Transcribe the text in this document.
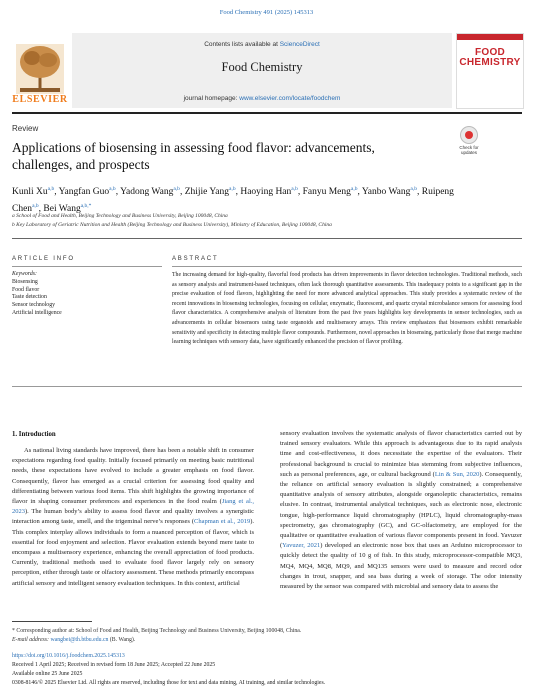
Food Chemistry 491 (2025) 145313
ELSEVIER
Contents lists available at ScienceDirect
Food Chemistry
journal homepage: www.elsevier.com/locate/foodchem
FOOD
CHEMISTRY
Review
Applications of biosensing in assessing food flavor: advancements,
challenges, and prospects
Check for updates
Kunli Xu$^{a,b}$, Yangfan Guo$^{a,b}$, Yadong Wang$^{a,b}$, Zhijie Yang$^{a,b}$, Haoying Han$^{a,b}$, Fanyu Meng$^{a,b}$, Yanbo Wang$^{a,b}$, Ruipeng Chen$^{a,b}$, Bei Wang$^{a,b,*}$
a School of Food and Health, Beijing Technology and Business University, Beijing 100048, China
b Key Laboratory of Geriatric Nutrition and Health (Beijing Technology and Business University), Ministry of Education, Beijing 100048, China
ARTICLE INFO	ABSTRACT
Keywords:
Biosensing
Food flavor
Taste detection
Sensor technology
Artificial intelligence
The increasing demand for high-quality, flavorful food products has driven improvements in flavor detection technologies. Traditional methods, such as sensory analysis and instrument-based techniques, often lack thorough quantitative assessments. This inadequacy points to a significant gap in the precise evaluation of food flavors, highlighting the need for more advanced analytical approaches. This study provides a systematic review of the recent innovations in biosensing technologies, focusing on cellular, enzymatic, fluorescent, and quartz crystal microbalance sensors for assessing food flavor characteristics. A comprehensive analysis of literature from the past five years highlights key developments in sensor technologies, such as advancements in cellular biosensors using taste organoids and multisensory arrays. This review emphasizes that biosensors exhibit remarkable sensitivity and specificity in detecting multiple flavor compounds. Furthermore, novel approaches in biosensing, particularly those that merge machine learning techniques with sensory data, have significantly enhanced the precision of flavor profiling.
1. Introduction

As national living standards have improved, there has been a notable shift in consumer expectations regarding food quality. Initially focused primarily on meeting basic nutritional needs, these expectations have evolved to include a greater emphasis on food flavor. Consequently, flavor has emerged as a crucial criterion for assessing food quality and differentiating between various food items. This shift highlights the growing importance of flavor in shaping consumer preferences and experiences in the food realm (Jiang et al., 2023). The human body’s ability to assess food flavor and quality involves a synergistic interaction among taste, smell, and the trigeminal nerve’s responses (Chapman et al., 2019). This complex interplay allows individuals to form a nuanced perception of flavor, which is essential for food enjoyment and selection. Flavor evaluation extends beyond mere taste to encompass a multisensory experience, enhancing the overall appreciation of food products. Currently, traditional methods used to evaluate food flavor largely rely on sensory perception, either through taste or olfactory assessment. These methods primarily encompass artificial sensory and intelligent sensory evaluation techniques. In this context, artificial

sensory evaluation involves the systematic analysis of flavor characteristics carried out by trained sensory evaluators. While this approach is advantageous due to its rapid analysis time and cost-effectiveness, it does necessitate the expertise of the evaluators. Their professional background is crucial to minimize bias stemming from subjective influences, such as personal preferences, age, or cultural background (Lin & Sun, 2020). Consequently, the reliance on artificial sensory evaluation is slightly constrained; a comprehensive quantitative analysis of sensory attributes, alongside organoleptic characteristics, remains elusive. In contrast, instrumental analytical techniques, such as electronic nose, electronic tongue, high-performance liquid chromatography (HPLC), liquid chromatography-mass spectrometry, gas chromatography (GC), and GC-olfactometry, are employed for the qualitative or quantitative evaluation of various flavor components present in food. Yavuzer (Yavuzer, 2021) developed an electronic nose box that uses an Arduino microprocessor to quickly detect the quality of 10 g of fish. In this study, microprocessor-compatible MQ3, MQ4, MQ4, MQ8, MQ9, and MQ135 sensors were used to measure and record odor changes in trout, snapper, and sea bass during a week of storage. The odor intensity measured by the sensor was compared with microbial and sensory data to assess the

* Corresponding author at: School of Food and Health, Beijing Technology and Business University, Beijing 100048, China.
E-mail address: wangbei@th.btbu.edu.cn (B. Wang).
https://doi.org/10.1016/j.foodchem.2025.145313
Received 1 April 2025; Received in revised form 18 June 2025; Accepted 22 June 2025
Available online 25 June 2025
0308-8146/© 2025 Elsevier Ltd. All rights are reserved, including those for text and data mining, AI training, and similar technologies.
